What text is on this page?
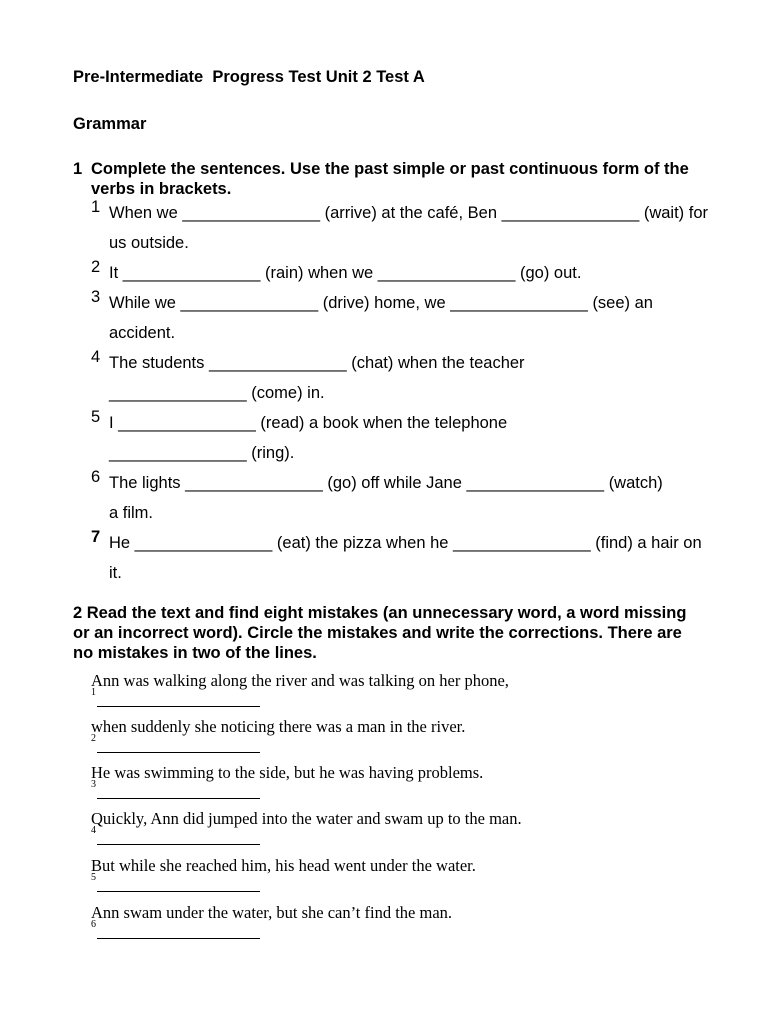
Pre-Intermediate  Progress Test Unit 2 Test A
Grammar
1 Complete the sentences. Use the past simple or past continuous form of the verbs in brackets.
1 When we _______________ (arrive) at the café, Ben _______________ (wait) for us outside.
2 It _______________ (rain) when we _______________ (go) out.
3 While we _______________ (drive) home, we _______________ (see) an accident.
4 The students _______________ (chat) when the teacher _______________ (come) in.
5 I _______________ (read) a book when the telephone _______________ (ring).
6 The lights _______________ (go) off while Jane _______________ (watch) a film.
7 He _______________ (eat) the pizza when he _______________ (find) a hair on it.
2 Read the text and find eight mistakes (an unnecessary word, a word missing or an incorrect word). Circle the mistakes and write the corrections. There are no mistakes in two of the lines.
Ann was walking along the river and was talking on her phone,
1
when suddenly she noticing there was a man in the river.
2
He was swimming to the side, but he was having problems.
3
Quickly, Ann did jumped into the water and swam up to the man.
4
But while she reached him, his head went under the water.
5
Ann swam under the water, but she can’t find the man.
6
